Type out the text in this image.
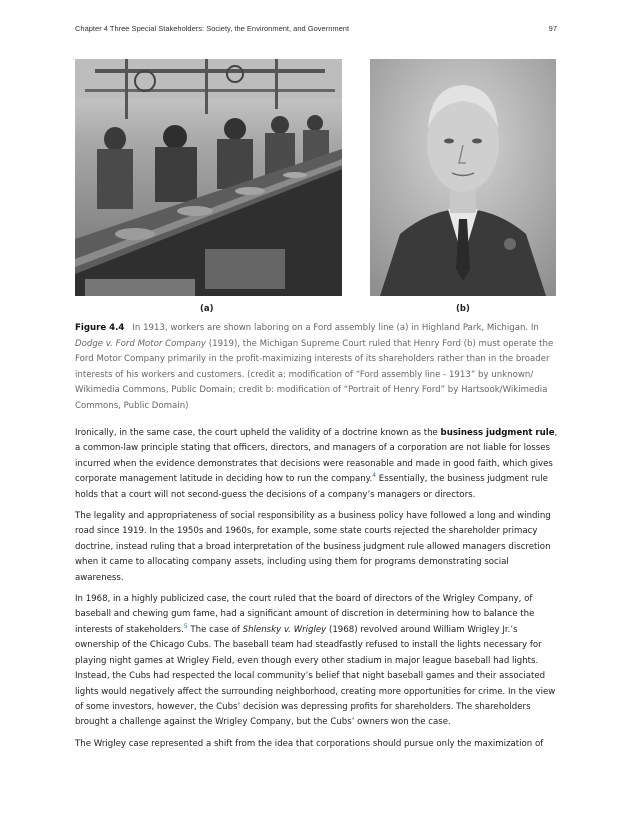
Chapter 4 Three Special Stakeholders: Society, the Environment, and Government	97
(a)	(b)
Figure 4.4 In 1913, workers are shown laboring on a Ford assembly line (a) in Highland Park, Michigan. In Dodge v. Ford Motor Company (1919), the Michigan Supreme Court ruled that Henry Ford (b) must operate the Ford Motor Company primarily in the profit-maximizing interests of its shareholders rather than in the broader interests of his workers and customers. (credit a: modification of “Ford assembly line - 1913” by unknown/ Wikimedia Commons, Public Domain; credit b: modification of “Portrait of Henry Ford” by Hartsook/Wikimedia Commons, Public Domain)

Ironically, in the same case, the court upheld the validity of a doctrine known as the business judgment rule, a common-law principle stating that officers, directors, and managers of a corporation are not liable for losses incurred when the evidence demonstrates that decisions were reasonable and made in good faith, which gives corporate management latitude in deciding how to run the company.$^4$ Essentially, the business judgment rule holds that a court will not second-guess the decisions of a company’s managers or directors.

The legality and appropriateness of social responsibility as a business policy have followed a long and winding road since 1919. In the 1950s and 1960s, for example, some state courts rejected the shareholder primacy doctrine, instead ruling that a broad interpretation of the business judgment rule allowed managers discretion when it came to allocating company assets, including using them for programs demonstrating social awareness.

In 1968, in a highly publicized case, the court ruled that the board of directors of the Wrigley Company, of baseball and chewing gum fame, had a significant amount of discretion in determining how to balance the interests of stakeholders.$^5$ The case of Shlensky v. Wrigley (1968) revolved around William Wrigley Jr.’s ownership of the Chicago Cubs. The baseball team had steadfastly refused to install the lights necessary for playing night games at Wrigley Field, even though every other stadium in major league baseball had lights. Instead, the Cubs had respected the local community’s belief that night baseball games and their associated lights would negatively affect the surrounding neighborhood, creating more opportunities for crime. In the view of some investors, however, the Cubs’ decision was depressing profits for shareholders. The shareholders brought a challenge against the Wrigley Company, but the Cubs’ owners won the case.

The Wrigley case represented a shift from the idea that corporations should pursue only the maximization of
